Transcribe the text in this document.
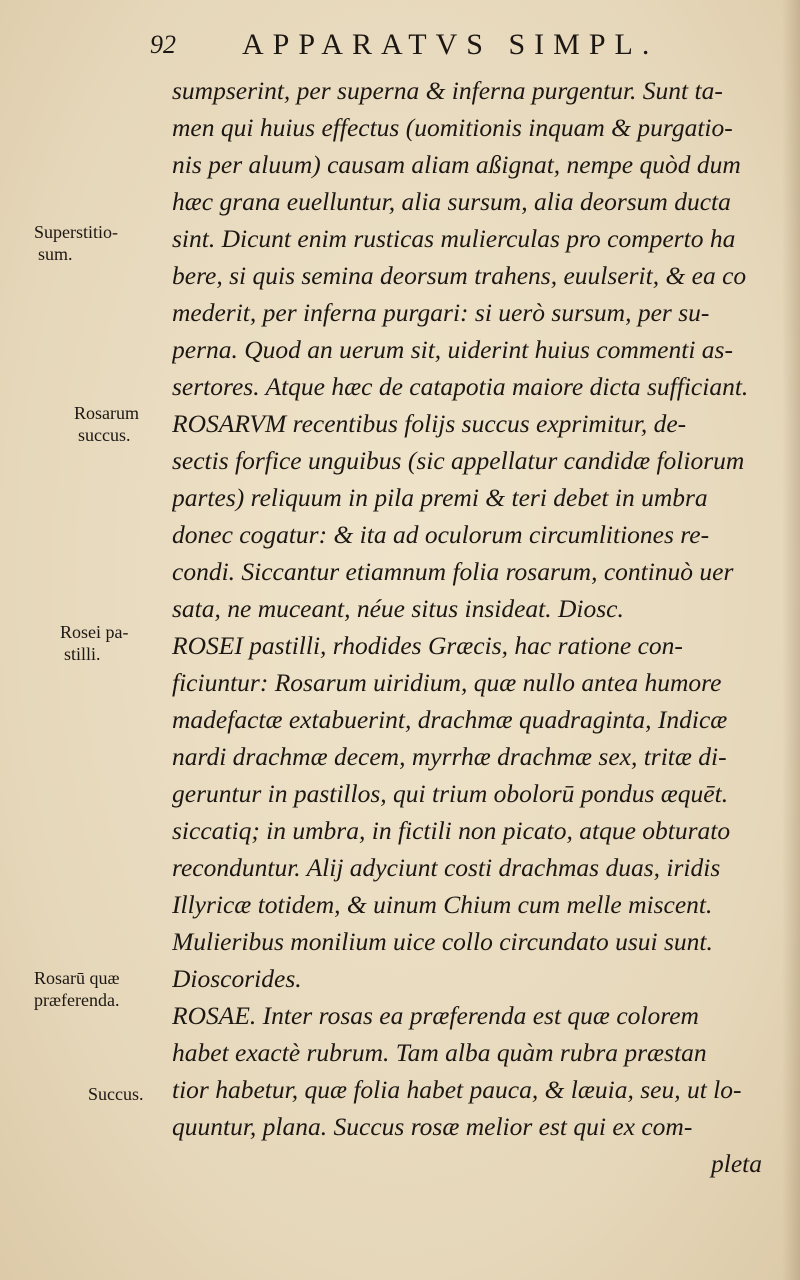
92 APPARATVS SIMPL.
Superstitio-
sum.
Rosarum
succus.
Rosei pa-
stilli.
Rosarū quæ
præferenda.
Succus.
sumpserint, per superna & inferna purgentur. Sunt ta-
men qui huius effectus (uomitionis inquam & purgatio-
nis per aluum) causam aliam aßignat, nempe quòd dum
hæc grana euelluntur, alia sursum, alia deorsum ducta
sint. Dicunt enim rusticas mulierculas pro comperto ha
bere, si quis semina deorsum trahens, euulserit, & ea co
mederit, per inferna purgari: si uerò sursum, per su-
perna. Quod an uerum sit, uiderint huius commenti as-
sertores. Atque hæc de catapotia maiore dicta sufficiant.
ROSARVM recentibus folijs succus exprimitur, de-
sectis forfice unguibus (sic appellatur candidæ foliorum
partes) reliquum in pila premi & teri debet in umbra
donec cogatur: & ita ad oculorum circumlitiones re-
condi. Siccantur etiamnum folia rosarum, continuò uer
sata, ne muceant, néue situs insideat. Diosc.
ROSEI pastilli, rhodides Græcis, hac ratione con-
ficiuntur: Rosarum uiridium, quæ nullo antea humore
madefactæ extabuerint, drachmæ quadraginta, Indicæ
nardi drachmæ decem, myrrhæ drachmæ sex, tritæ di-
geruntur in pastillos, qui trium obolorū pondus æquēt.
siccatiq; in umbra, in fictili non picato, atque obturato
reconduntur. Alij adyciunt costi drachmas duas, iridis
Illyricæ totidem, & uinum Chium cum melle miscent.
Mulieribus monilium uice collo circundato usui sunt.
Dioscorides.
ROSAE. Inter rosas ea præferenda est quæ colorem
habet exactè rubrum. Tam alba quàm rubra præstan
tior habetur, quæ folia habet pauca, & læuia, seu, ut lo-
quuntur, plana. Succus rosæ melior est qui ex com-
pleta
